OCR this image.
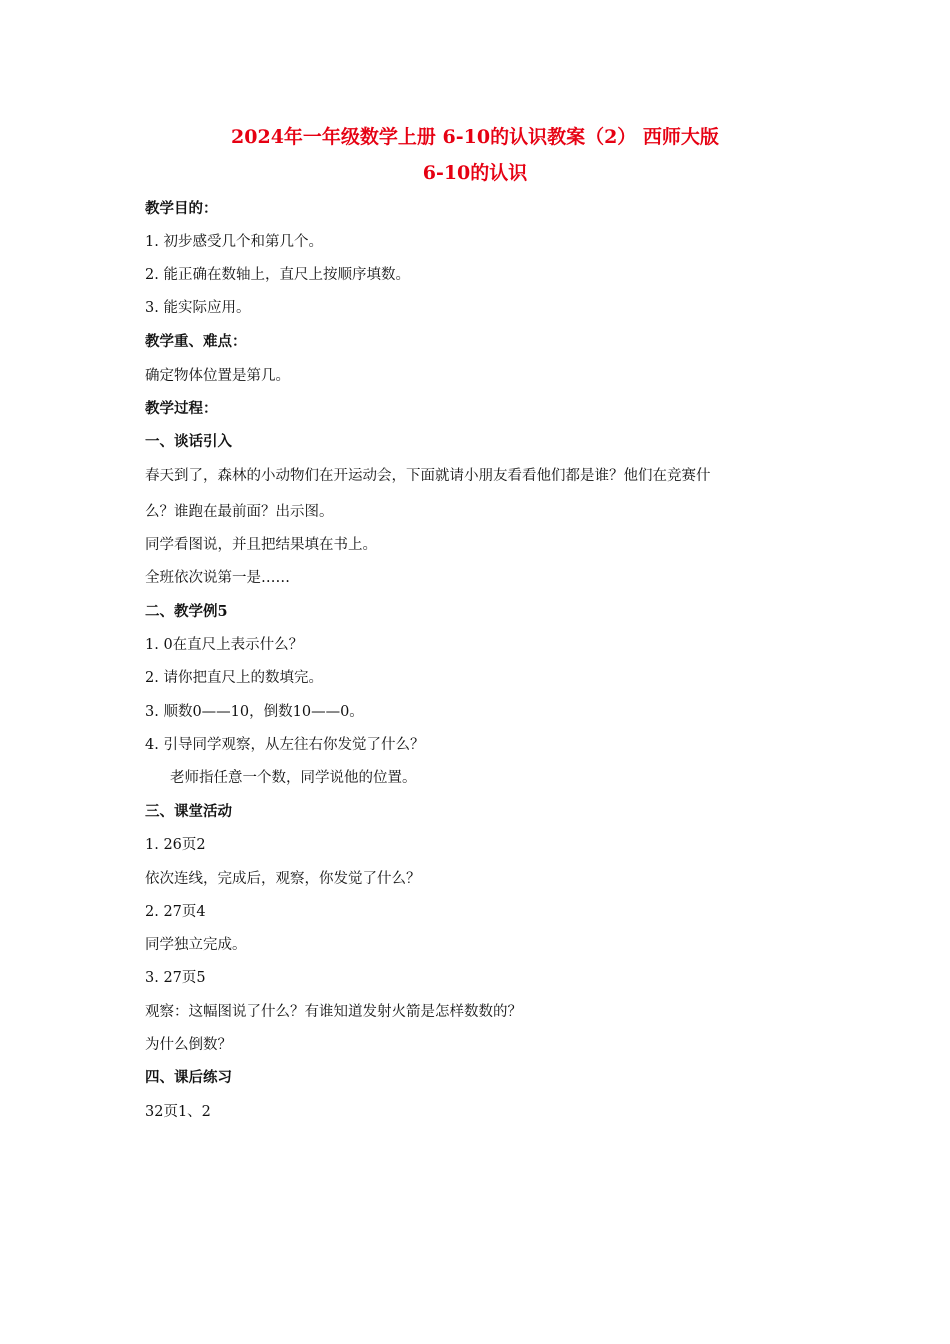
2024年一年级数学上册 6-10的认识教案（2） 西师大版
6-10的认识
教学目的：
1. 初步感受几个和第几个。
2. 能正确在数轴上，直尺上按顺序填数。
3. 能实际应用。
教学重、难点：
确定物体位置是第几。
教学过程：
一、谈话引入
春天到了，森林的小动物们在开运动会，下面就请小朋友看看他们都是谁？他们在竞赛什
么？谁跑在最前面？出示图。
同学看图说，并且把结果填在书上。
全班依次说第一是……
二、教学例5
1. 0在直尺上表示什么？
2. 请你把直尺上的数填完。
3. 顺数0——10，倒数10——0。
4. 引导同学观察，从左往右你发觉了什么？
老师指任意一个数，同学说他的位置。
三、课堂活动
1. 26页2
依次连线，完成后，观察，你发觉了什么？
2. 27页4
同学独立完成。
3. 27页5
观察：这幅图说了什么？有谁知道发射火箭是怎样数数的？
为什么倒数？
四、课后练习
32页1、2
